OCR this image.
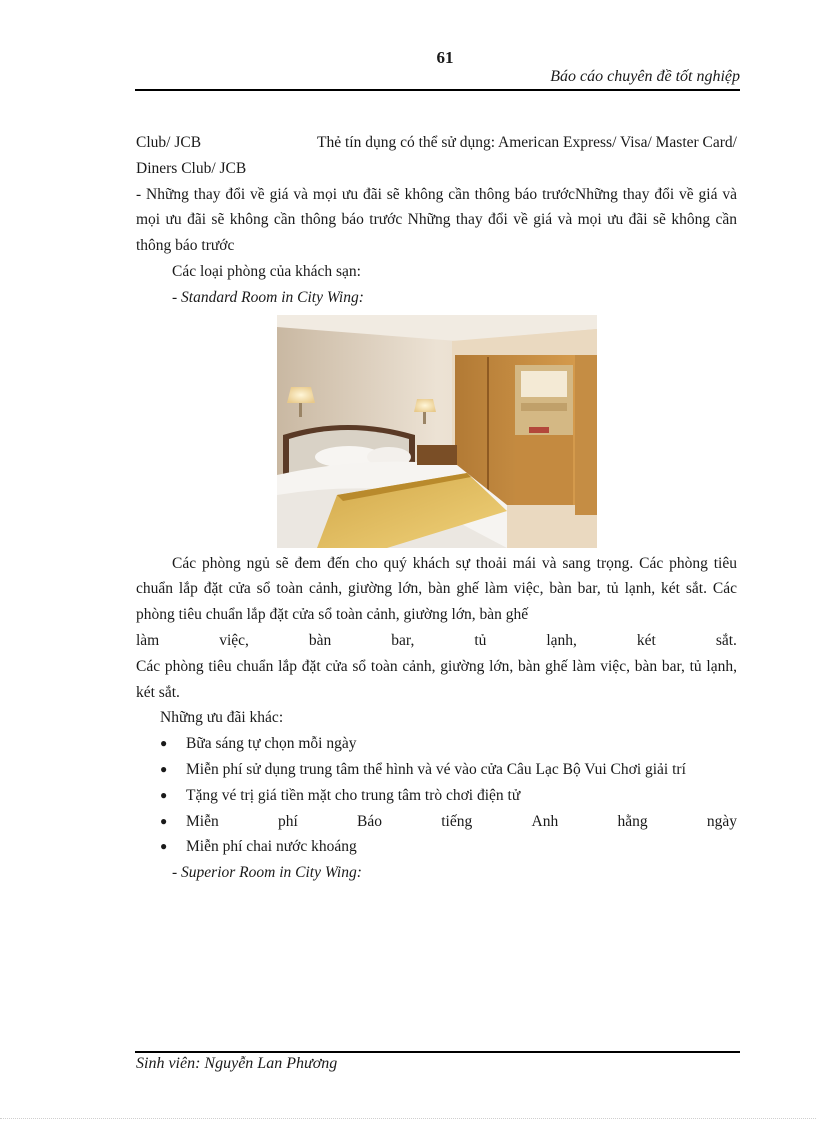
61
Báo cáo chuyên đề tốt nghiệp
Club/ JCB	Thẻ tín dụng có thể sử dụng: American Express/ Visa/ Master Card/

Diners Club/ JCB

- Những thay đổi về giá và mọi ưu đãi sẽ không cần thông báo trướcNhững thay đổi về giá và mọi ưu đãi sẽ không cần thông báo trước Những thay đổi về giá và mọi ưu đãi sẽ không cần thông báo trước

Các loại phòng của khách sạn:

- Standard Room in City Wing:

Các phòng ngủ sẽ đem đến cho quý khách sự thoải mái và sang trọng. Các phòng tiêu chuẩn lắp đặt cửa sổ toàn cảnh, giường lớn, bàn ghế làm việc, bàn bar, tủ lạnh, két sắt. Các phòng tiêu chuẩn lắp đặt cửa sổ toàn cảnh, giường lớn, bàn ghế

làm	việc,	bàn	bar,	tủ	lạnh,	két	sắt.

Các phòng tiêu chuẩn lắp đặt cửa sổ toàn cảnh, giường lớn, bàn ghế làm việc, bàn bar, tủ lạnh, két sắt.

Những ưu đãi khác:

● Bữa sáng tự chọn mỗi ngày
● Miễn phí sử dụng trung tâm thể hình và vé vào cửa Câu Lạc Bộ Vui Chơi giải trí
● Tặng vé trị giá tiền mặt cho trung tâm trò chơi điện tử
● Miễn	phí	Báo	tiếng	Anh	hằng	ngày
● Miễn phí chai nước khoáng

- Superior Room in City Wing:

Sinh viên: Nguyễn Lan Phương
